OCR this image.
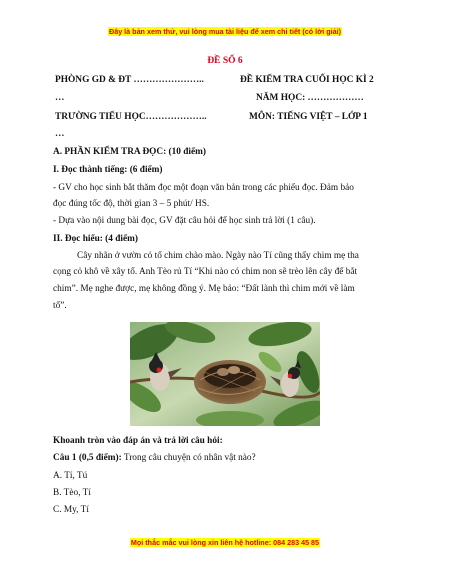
Đây là bản xem thử, vui lòng mua tài liệu để xem chi tiết (có lời giải)
ĐỀ SỐ 6
PHÒNG GD & ĐT …………………..
…
TRƯỜNG TIỂU HỌC………………..
…
ĐỀ KIỂM TRA CUỐI HỌC KÌ 2
NĂM HỌC: ………………
MÔN: TIẾNG VIỆT – LỚP 1
A. PHẦN KIỂM TRA ĐỌC: (10 điểm)
I. Đọc thành tiếng: (6 điểm)
- GV cho học sinh bắt thăm đọc một đoạn văn bản trong các phiếu đọc. Đảm bảo
đọc đúng tốc độ, thời gian 3 – 5 phút/ HS.
- Dựa vào nội dung bài đọc, GV đặt câu hỏi để học sinh trả lời (1 câu).
II. Đọc hiểu: (4 điểm)
Cây nhãn ở vườn có tổ chim chào mào. Ngày nào Tí cũng thấy chim mẹ tha
cọng cỏ khô về xây tổ. Anh Tèo rủ Tí “Khi nào có chim non sẽ trèo lên cây để bắt
chim”. Mẹ nghe được, mẹ không đồng ý. Mẹ bảo: “Đất lành thì chim mới về làm
tổ”.
Khoanh tròn vào đáp án và trả lời câu hỏi:
Câu 1 (0,5 điểm): Trong câu chuyện có nhân vật nào?
A. Tí, Tú
B. Tèo, Tí
C. My, Tí
Mọi thắc mắc vui lòng xin liên hệ hotline: 084 283 45 85
